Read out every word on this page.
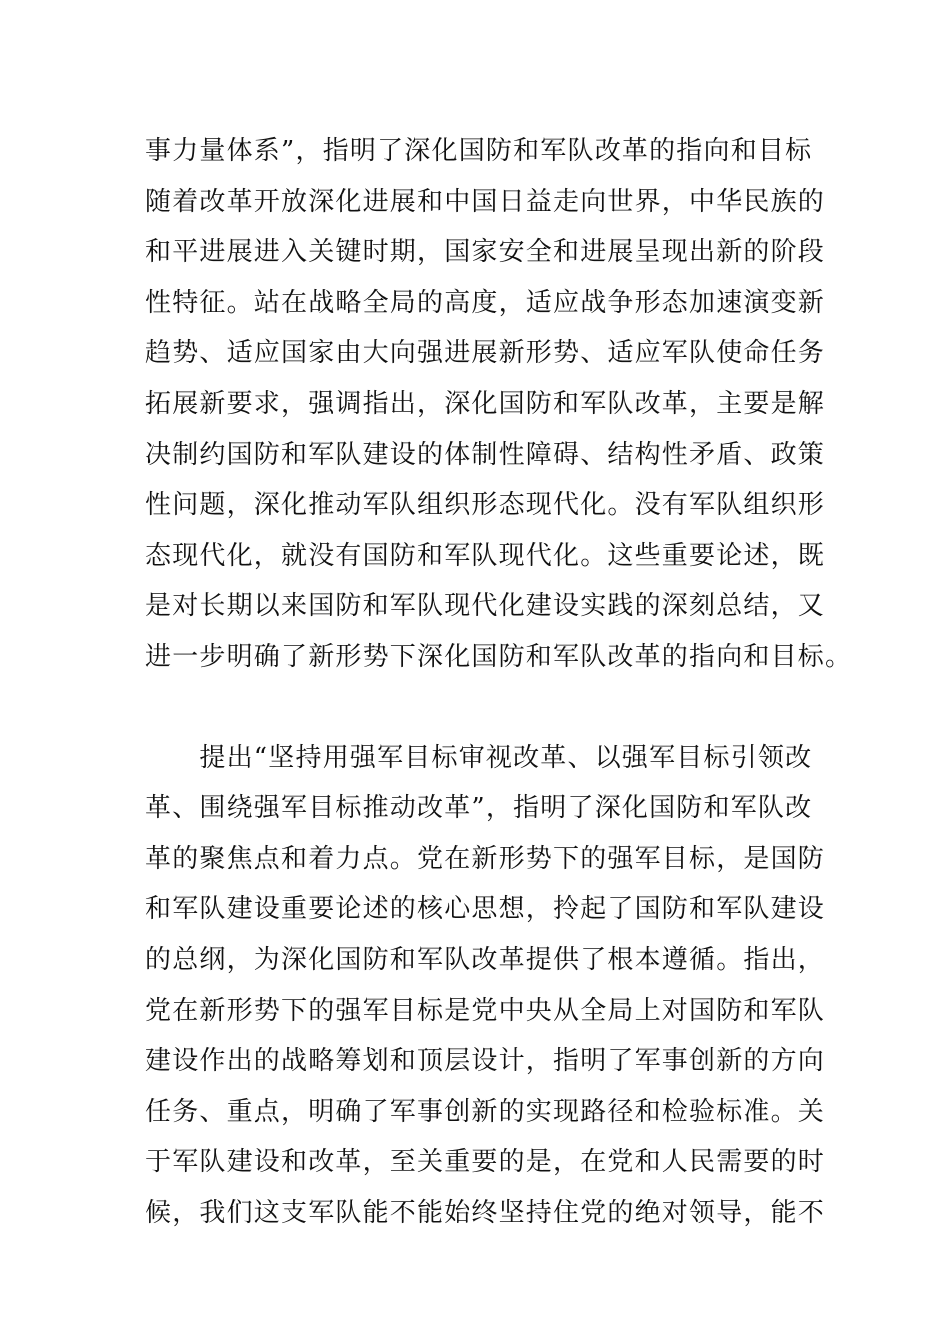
事力量体系”，指明了深化国防和军队改革的指向和目标
随着改革开放深化进展和中国日益走向世界，中华民族的
和平进展进入关键时期，国家安全和进展呈现出新的阶段
性特征。站在战略全局的高度，适应战争形态加速演变新
趋势、适应国家由大向强进展新形势、适应军队使命任务
拓展新要求，强调指出，深化国防和军队改革，主要是解
决制约国防和军队建设的体制性障碍、结构性矛盾、政策
性问题，深化推动军队组织形态现代化。没有军队组织形
态现代化，就没有国防和军队现代化。这些重要论述，既
是对长期以来国防和军队现代化建设实践的深刻总结，又
进一步明确了新形势下深化国防和军队改革的指向和目标。
　　提出“坚持用强军目标审视改革、以强军目标引领改
革、围绕强军目标推动改革”，指明了深化国防和军队改
革的聚焦点和着力点。党在新形势下的强军目标，是国防
和军队建设重要论述的核心思想，拎起了国防和军队建设
的总纲，为深化国防和军队改革提供了根本遵循。指出，
党在新形势下的强军目标是党中央从全局上对国防和军队
建设作出的战略筹划和顶层设计，指明了军事创新的方向
任务、重点，明确了军事创新的实现路径和检验标准。关
于军队建设和改革，至关重要的是，在党和人民需要的时
候，我们这支军队能不能始终坚持住党的绝对领导，能不
